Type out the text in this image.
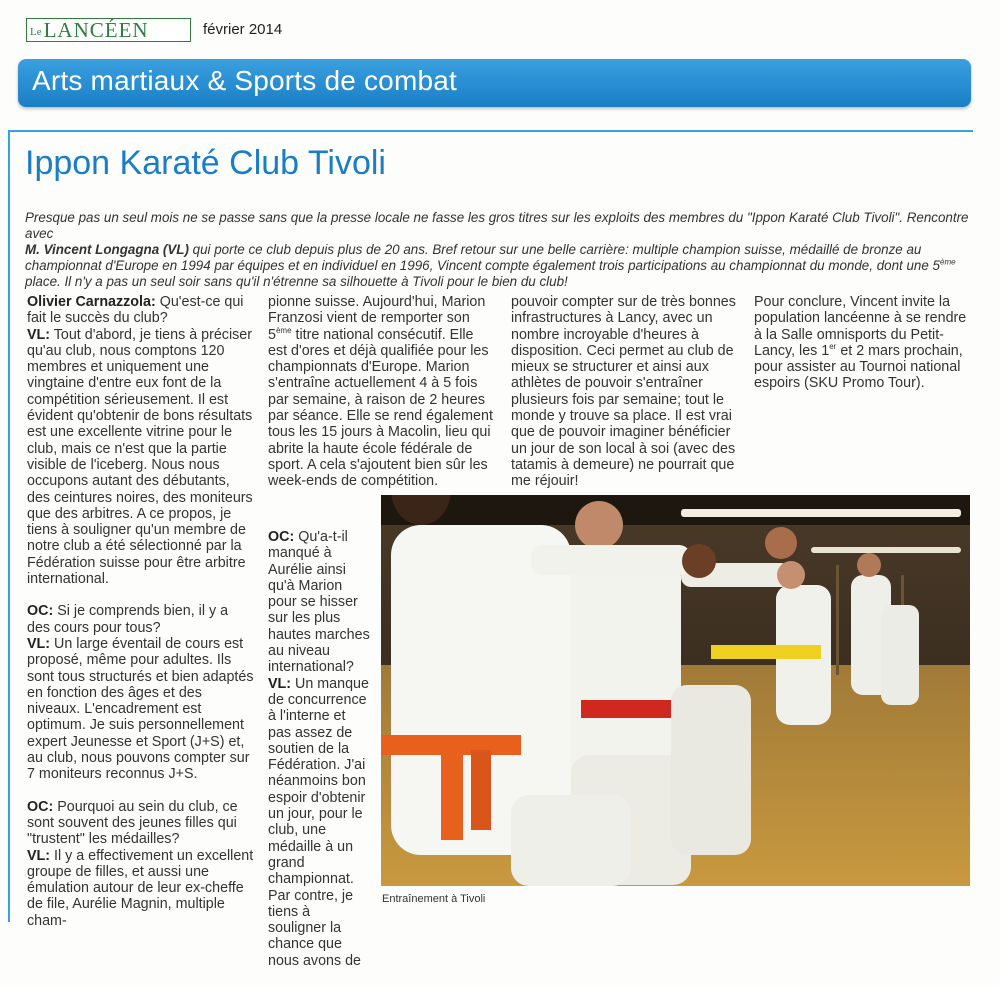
Le LANCÉEN	février 2014
Arts martiaux & Sports de combat
Ippon Karaté Club Tivoli
Presque pas un seul mois ne se passe sans que la presse locale ne fasse les gros titres sur les exploits des membres du "Ippon Karaté Club Tivoli". Rencontre avec
M. Vincent Longagna (VL) qui porte ce club depuis plus de 20 ans. Bref retour sur une belle carrière: multiple champion suisse, médaillé de bronze au championnat d'Europe en 1994 par équipes et en individuel en 1996, Vincent compte également trois participations au championnat du monde, dont une 5ème place. Il n'y a pas un seul soir sans qu'il n'étrenne sa silhouette à Tivoli pour le bien du club!

Olivier Carnazzola: Qu'est-ce qui fait le succès du club?
VL: Tout d'abord, je tiens à préciser qu'au club, nous comptons 120 membres et uniquement une vingtaine d'entre eux font de la compétition sérieusement. Il est évident qu'obtenir de bons résultats est une excellente vitrine pour le club, mais ce n'est que la partie visible de l'iceberg. Nous nous occupons autant des débutants, des ceintures noires, des moniteurs que des arbitres. A ce propos, je tiens à souligner qu'un membre de notre club a été sélectionné par la Fédération suisse pour être arbitre international.

OC: Si je comprends bien, il y a des cours pour tous?
VL: Un large éventail de cours est proposé, même pour adultes. Ils sont tous structurés et bien adaptés en fonction des âges et des niveaux. L'encadrement est optimum. Je suis personnellement expert Jeunesse et Sport (J+S) et, au club, nous pouvons compter sur 7 moniteurs reconnus J+S.

OC: Pourquoi au sein du club, ce sont souvent des jeunes filles qui "trustent" les médailles?
VL: Il y a effectivement un excellent groupe de filles, et aussi une émulation autour de leur ex-cheffe de file, Aurélie Magnin, multiple cham-

pionne suisse. Aujourd'hui, Marion Franzosi vient de remporter son 5ème titre national consécutif. Elle est d'ores et déjà qualifiée pour les championnats d'Europe. Marion s'entraîne actuellement 4 à 5 fois par semaine, à raison de 2 heures par séance. Elle se rend également tous les 15 jours à Macolin, lieu qui abrite la haute école fédérale de sport. A cela s'ajoutent bien sûr les week-ends de compétition.

OC: Qu'a-t-il manqué à Aurélie ainsi qu'à Marion pour se hisser sur les plus hautes marches au niveau international?
VL: Un manque de concurrence à l'interne et pas assez de soutien de la Fédération. J'ai néanmoins bon espoir d'obtenir un jour, pour le club, une médaille à un grand championnat. Par contre, je tiens à souligner la chance que nous avons de

pouvoir compter sur de très bonnes infrastructures à Lancy, avec un nombre incroyable d'heures à disposition. Ceci permet au club de mieux se structurer et ainsi aux athlètes de pouvoir s'entraîner plusieurs fois par semaine; tout le monde y trouve sa place. Il est vrai que de pouvoir imaginer bénéficier un jour de son local à soi (avec des tatamis à demeure) ne pourrait que me réjouir!

Pour conclure, Vincent invite la population lancéenne à se rendre à la Salle omnisports du Petit-Lancy, les 1er et 2 mars prochain, pour assister au Tournoi national espoirs (SKU Promo Tour).

Entraînement à Tivoli
